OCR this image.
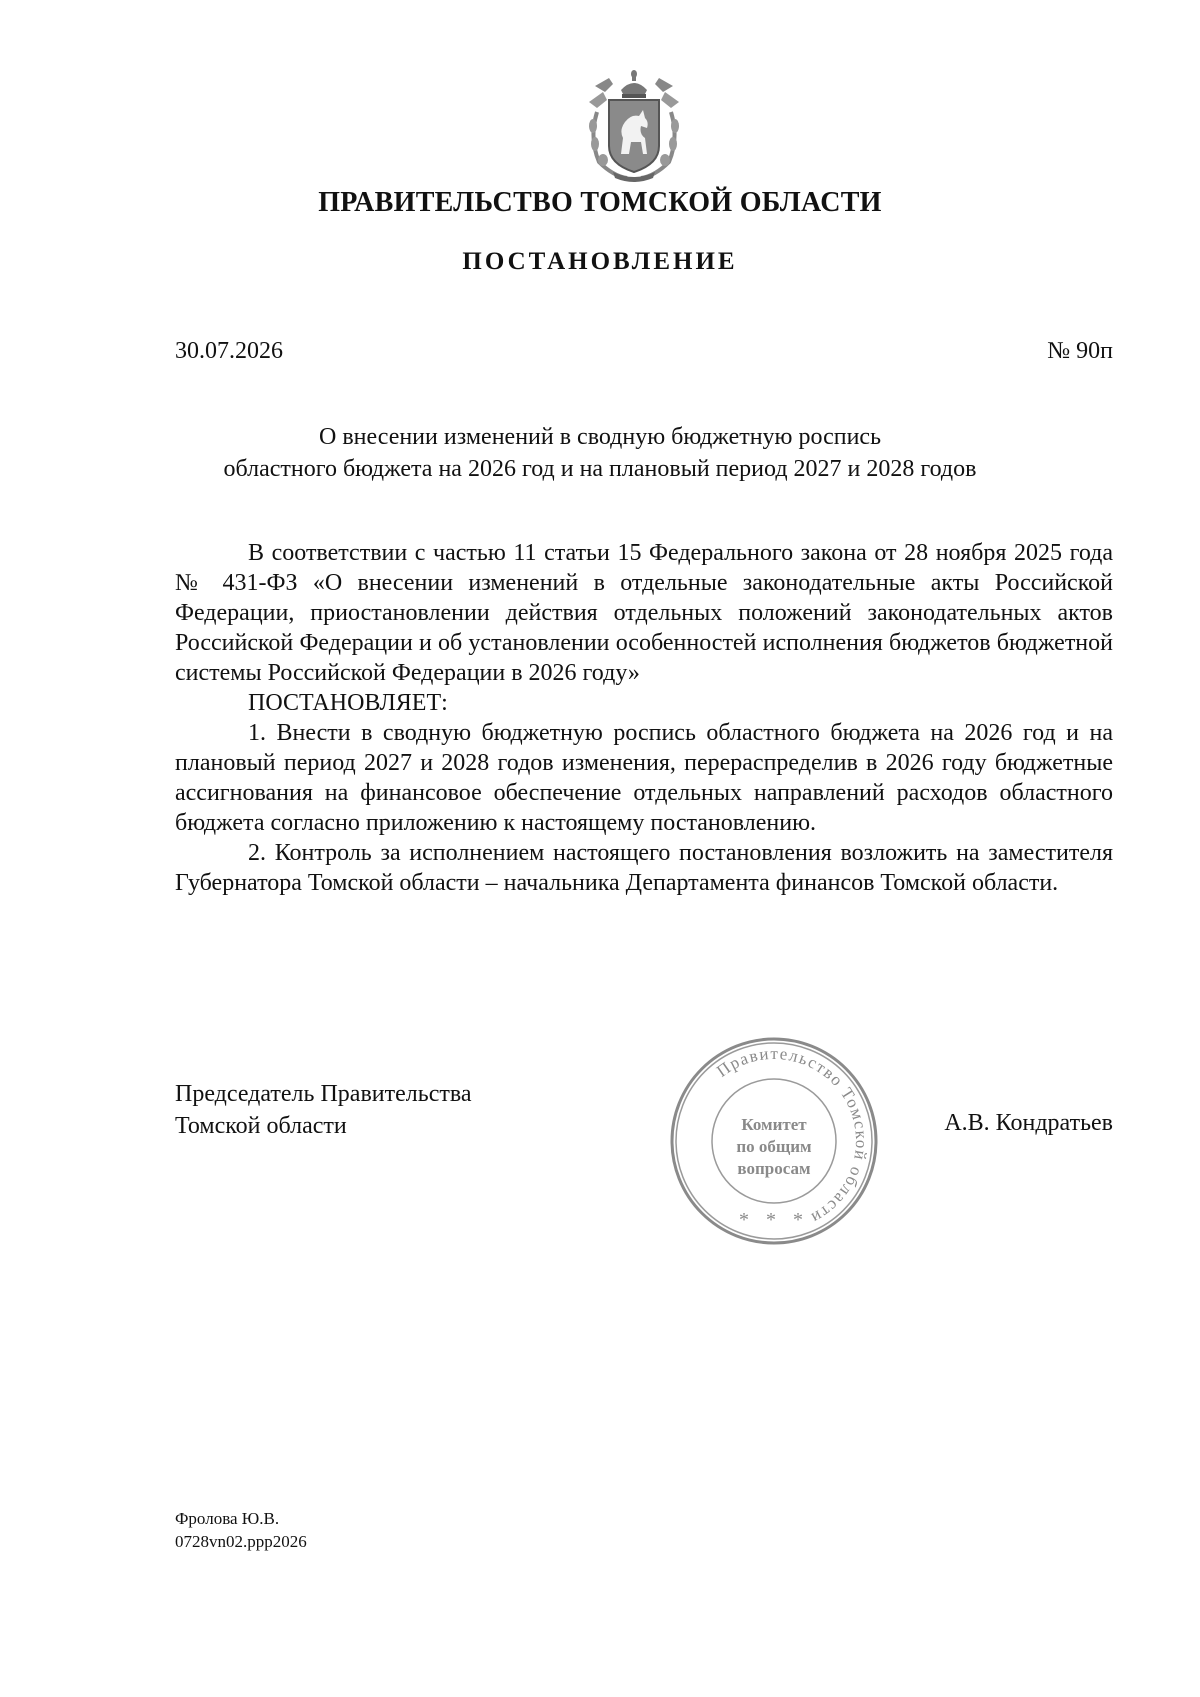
ПРАВИТЕЛЬСТВО ТОМСКОЙ ОБЛАСТИ
ПОСТАНОВЛЕНИЕ
30.07.2026	№ 90п
О внесении изменений в сводную бюджетную роспись
областного бюджета на 2026 год и на плановый период 2027 и 2028 годов

В соответствии с частью 11 статьи 15 Федерального закона от 28 ноября 2025 года № 431-ФЗ «О внесении изменений в отдельные законодательные акты Российской Федерации, приостановлении действия отдельных положений законодательных актов Российской Федерации и об установлении особенностей исполнения бюджетов бюджетной системы Российской Федерации в 2026 году»

ПОСТАНОВЛЯЕТ:

1. Внести в сводную бюджетную роспись областного бюджета на 2026 год и на плановый период 2027 и 2028 годов изменения, перераспределив в 2026 году бюджетные ассигнования на финансовое обеспечение отдельных направлений расходов областного бюджета согласно приложению к настоящему постановлению.

2. Контроль за исполнением настоящего постановления возложить на заместителя Губернатора Томской области – начальника Департамента финансов Томской области.

Председатель Правительства
Томской области
Правительство Томской области
Комитет
по общим
вопросам
* * *
А.В. Кондратьев
Фролова Ю.В.
0728vn02.ppp2026
